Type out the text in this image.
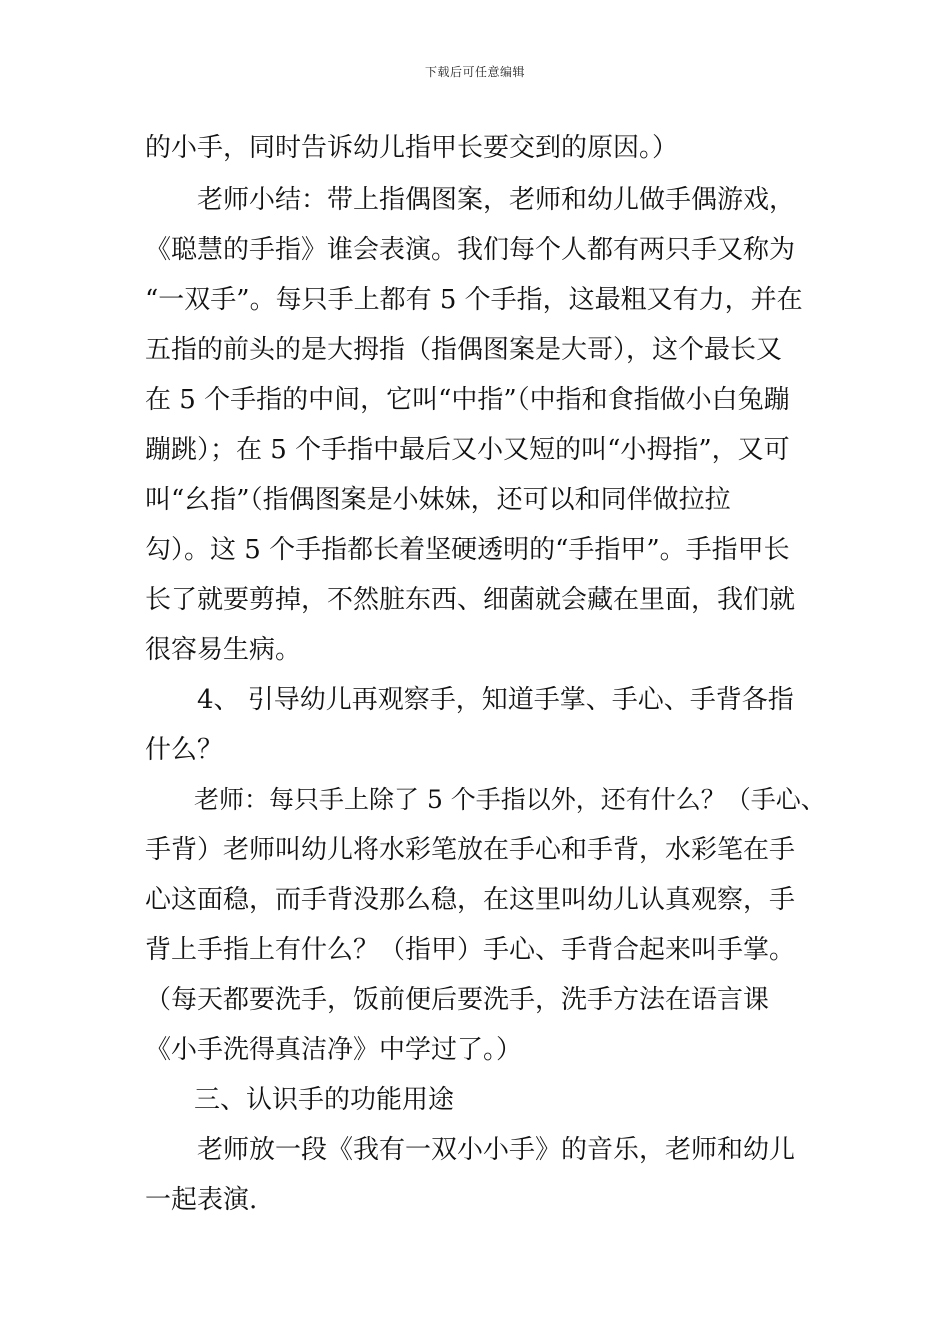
下载后可任意编辑
的小手，同时告诉幼儿指甲长要交到的原因。）
老师小结：带上指偶图案，老师和幼儿做手偶游戏，
《聪慧的手指》谁会表演。我们每个人都有两只手又称为
“一双手”。每只手上都有 5 个手指，这最粗又有力，并在
五指的前头的是大拇指（指偶图案是大哥），这个最长又
在 5 个手指的中间，它叫“中指”（中指和食指做小白兔蹦
蹦跳）；在 5 个手指中最后又小又短的叫“小拇指”，又可
叫“幺指”（指偶图案是小妹妹，还可以和同伴做拉拉
勾）。这 5 个手指都长着坚硬透明的“手指甲”。手指甲长
长了就要剪掉，不然脏东西、细菌就会藏在里面，我们就
很容易生病。
4、 引导幼儿再观察手，知道手掌、手心、手背各指
什么？
老师：每只手上除了 5 个手指以外，还有什么？（手心、
手背）老师叫幼儿将水彩笔放在手心和手背，水彩笔在手
心这面稳，而手背没那么稳，在这里叫幼儿认真观察，手
背上手指上有什么？（指甲）手心、手背合起来叫手掌。
（每天都要洗手，饭前便后要洗手，洗手方法在语言课
《小手洗得真洁净》中学过了。）
三、认识手的功能用途
老师放一段《我有一双小小手》的音乐，老师和幼儿
一起表演.
